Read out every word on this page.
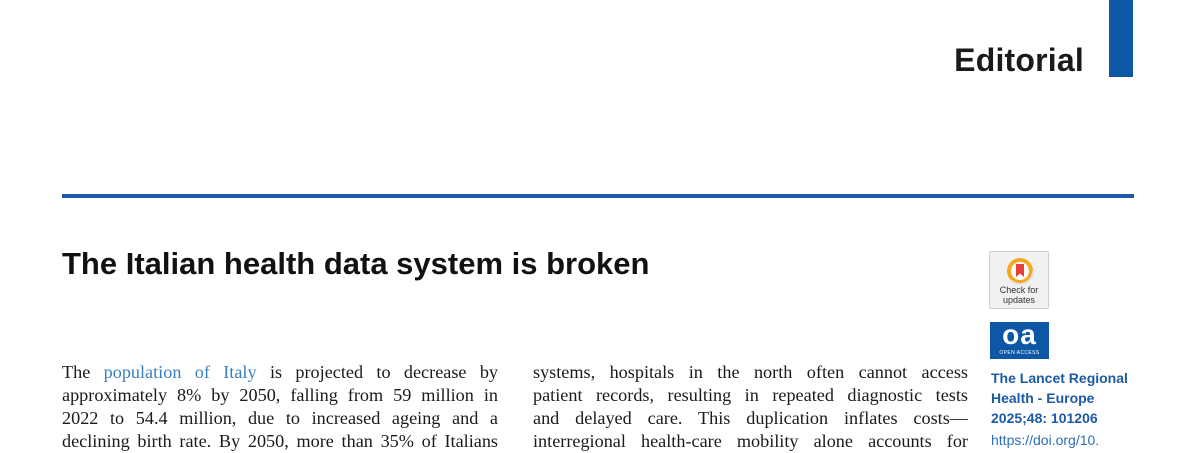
Editorial
The Italian health data system is broken
The population of Italy is projected to decrease by
approximately 8% by 2050, falling from 59 million in
2022 to 54.4 million, due to increased ageing and a
declining birth rate. By 2050, more than 35% of Italians
systems, hospitals in the north often cannot access
patient records, resulting in repeated diagnostic tests
and delayed care. This duplication inflates costs—
interregional health-care mobility alone accounts for
Check for
updates
oa
OPEN ACCESS
The Lancet Regional
Health - Europe
2025;48: 101206
https://doi.org/10.
